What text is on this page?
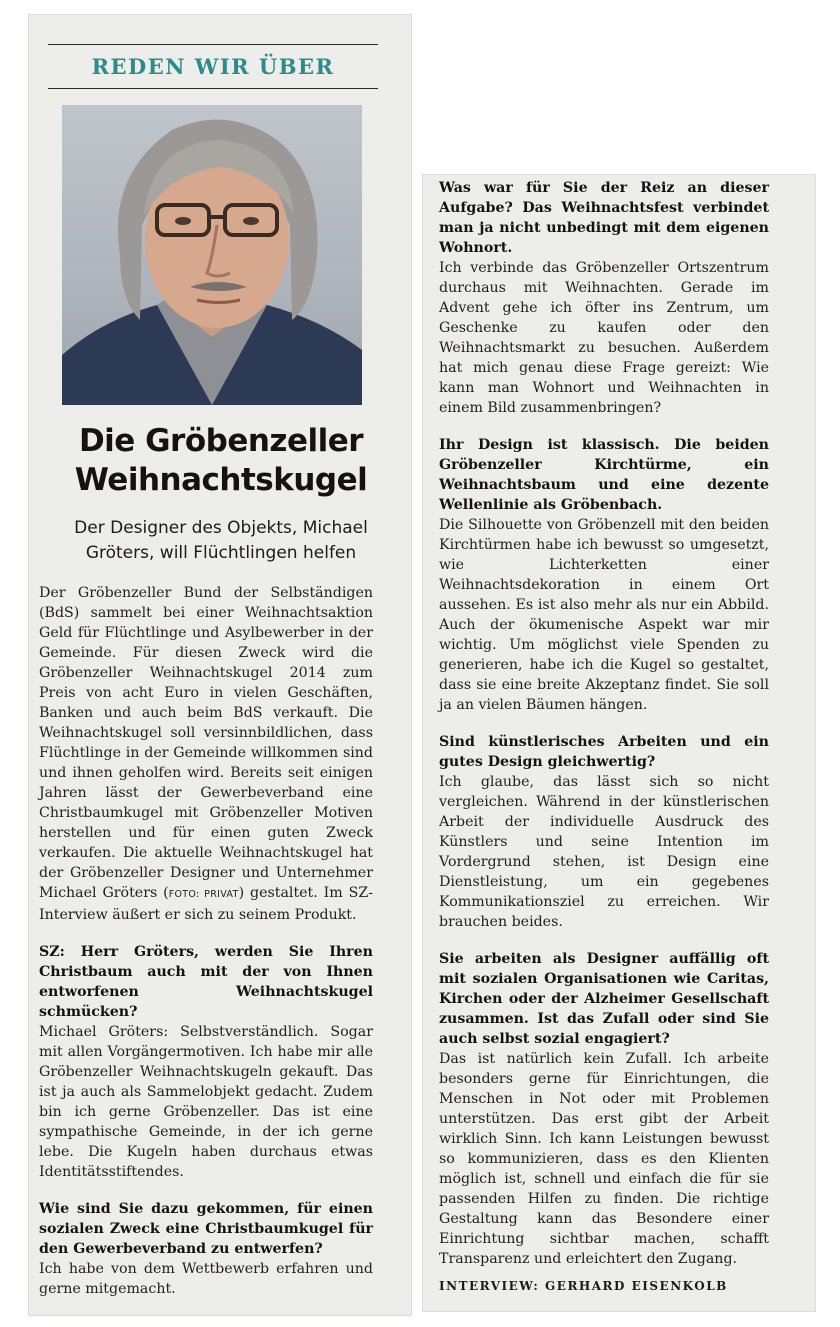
REDEN WIR ÜBER
Die Gröbenzeller
Weihnachtskugel
Der Designer des Objekts, Michael
Gröters, will Flüchtlingen helfen

Der Gröbenzeller Bund der Selbständigen (BdS) sammelt bei einer Weihnachtsaktion Geld für Flüchtlinge und Asylbewerber in der Gemeinde. Für diesen Zweck wird die Gröbenzeller Weihnachtskugel 2014 zum Preis von acht Euro in vielen Geschäften, Banken und auch beim BdS verkauft. Die Weihnachtskugel soll versinnbildlichen, dass Flüchtlinge in der Gemeinde willkommen sind und ihnen geholfen wird. Bereits seit einigen Jahren lässt der Gewerbeverband eine Christbaumkugel mit Gröbenzeller Motiven herstellen und für einen guten Zweck verkaufen. Die aktuelle Weihnachtskugel hat der Gröbenzeller Designer und Unternehmer Michael Gröters (FOTO: PRIVAT) gestaltet. Im SZ-Interview äußert er sich zu seinem Produkt.

SZ: Herr Gröters, werden Sie Ihren Christbaum auch mit der von Ihnen entworfenen Weihnachtskugel schmücken?

Michael Gröters: Selbstverständlich. Sogar mit allen Vorgängermotiven. Ich habe mir alle Gröbenzeller Weihnachtskugeln gekauft. Das ist ja auch als Sammelobjekt gedacht. Zudem bin ich gerne Gröbenzeller. Das ist eine sympathische Gemeinde, in der ich gerne lebe. Die Kugeln haben durchaus etwas Identitätsstiftendes.

Wie sind Sie dazu gekommen, für einen sozialen Zweck eine Christbaumkugel für den Gewerbeverband zu entwerfen?

Ich habe von dem Wettbewerb erfahren und gerne mitgemacht.

Was war für Sie der Reiz an dieser Aufgabe? Das Weihnachtsfest verbindet man ja nicht unbedingt mit dem eigenen Wohnort.

Ich verbinde das Gröbenzeller Ortszentrum durchaus mit Weihnachten. Gerade im Advent gehe ich öfter ins Zentrum, um Geschenke zu kaufen oder den Weihnachtsmarkt zu besuchen. Außerdem hat mich genau diese Frage gereizt: Wie kann man Wohnort und Weihnachten in einem Bild zusammenbringen?

Ihr Design ist klassisch. Die beiden Gröbenzeller Kirchtürme, ein Weihnachtsbaum und eine dezente Wellenlinie als Gröbenbach.

Die Silhouette von Gröbenzell mit den beiden Kirchtürmen habe ich bewusst so umgesetzt, wie Lichterketten einer Weihnachtsdekoration in einem Ort aussehen. Es ist also mehr als nur ein Abbild. Auch der ökumenische Aspekt war mir wichtig. Um möglichst viele Spenden zu generieren, habe ich die Kugel so gestaltet, dass sie eine breite Akzeptanz findet. Sie soll ja an vielen Bäumen hängen.

Sind künstlerisches Arbeiten und ein gutes Design gleichwertig?

Ich glaube, das lässt sich so nicht vergleichen. Während in der künstlerischen Arbeit der individuelle Ausdruck des Künstlers und seine Intention im Vordergrund stehen, ist Design eine Dienstleistung, um ein gegebenes Kommunikationsziel zu erreichen. Wir brauchen beides.

Sie arbeiten als Designer auffällig oft mit sozialen Organisationen wie Caritas, Kirchen oder der Alzheimer Gesellschaft zusammen. Ist das Zufall oder sind Sie auch selbst sozial engagiert?

Das ist natürlich kein Zufall. Ich arbeite besonders gerne für Einrichtungen, die Menschen in Not oder mit Problemen unterstützen. Das erst gibt der Arbeit wirklich Sinn. Ich kann Leistungen bewusst so kommunizieren, dass es den Klienten möglich ist, schnell und einfach die für sie passenden Hilfen zu finden. Die richtige Gestaltung kann das Besondere einer Einrichtung sichtbar machen, schafft Transparenz und erleichtert den Zugang.

INTERVIEW: GERHARD EISENKOLB
